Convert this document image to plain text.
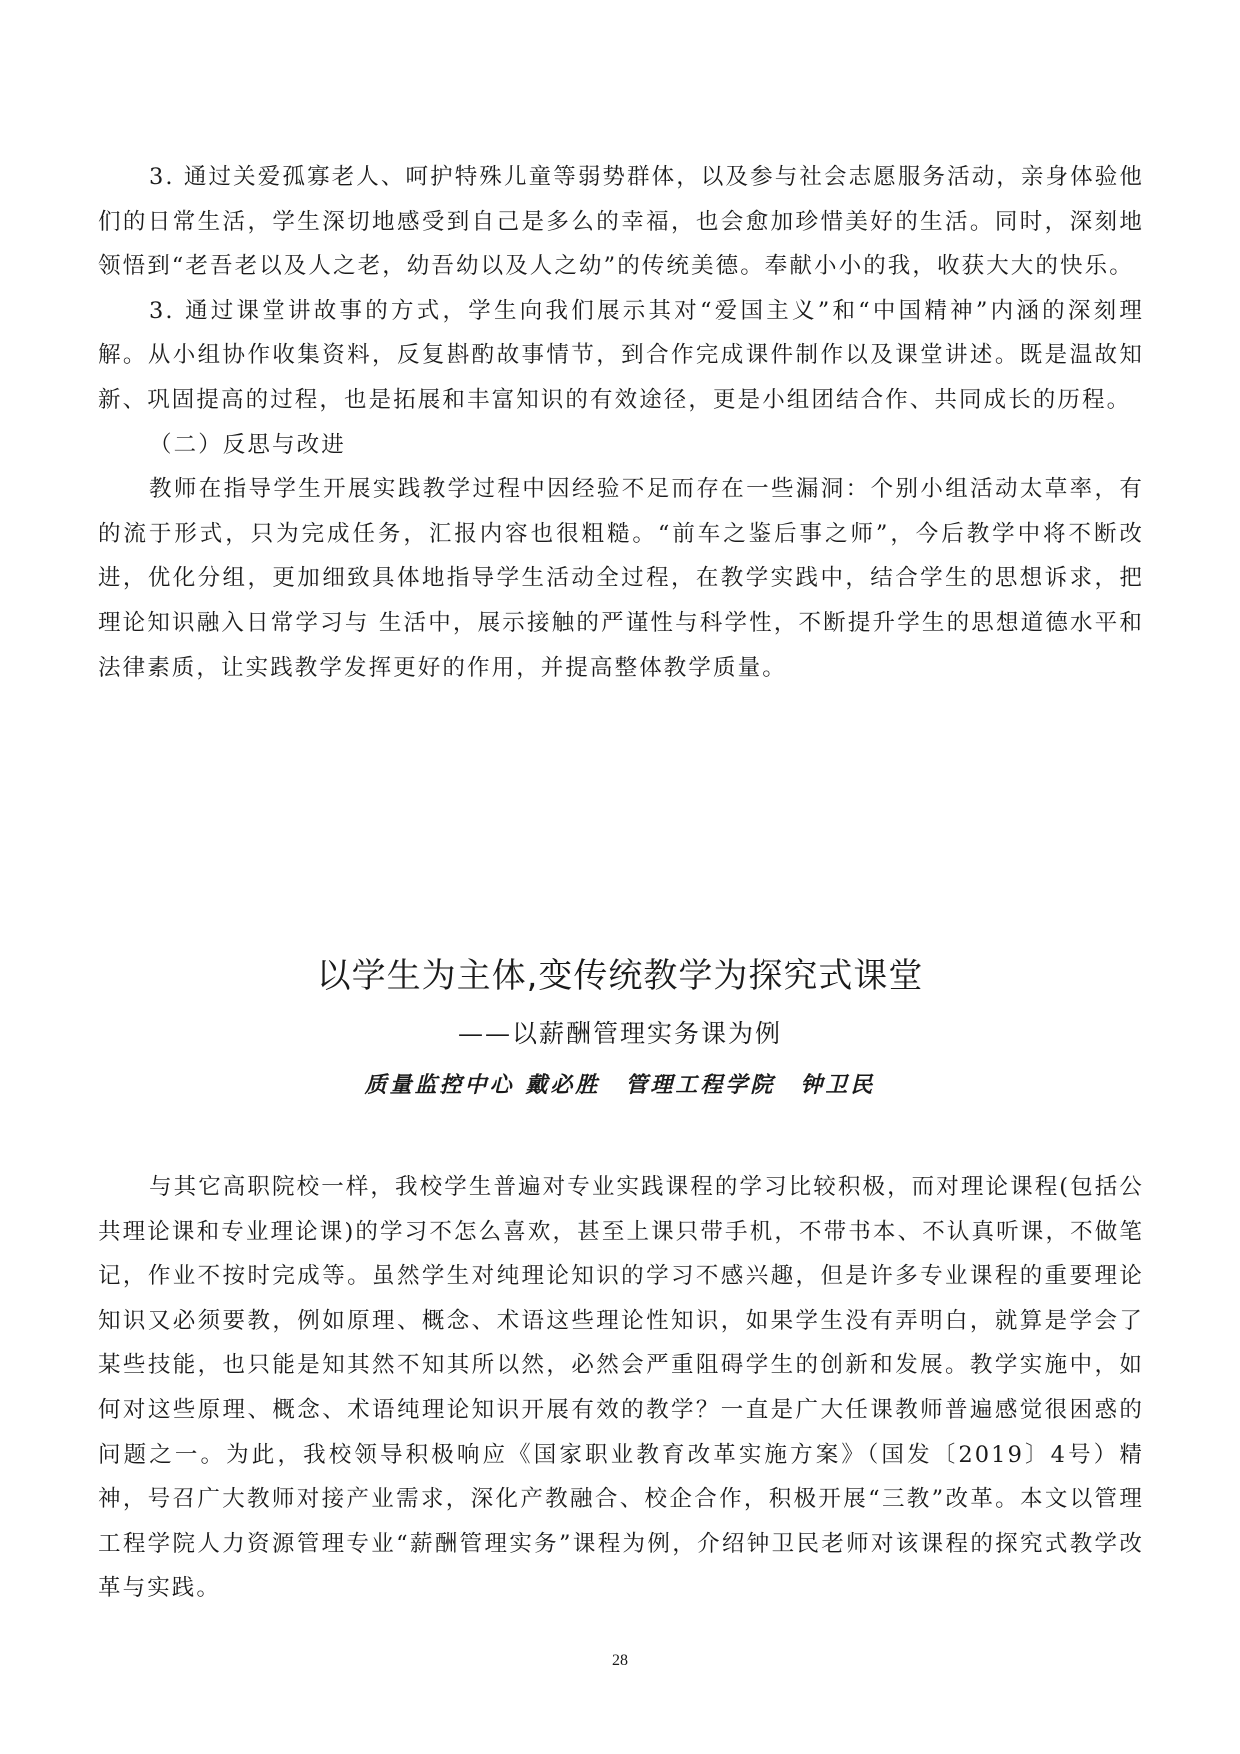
3. 通过关爱孤寡老人、呵护特殊儿童等弱势群体，以及参与社会志愿服务活动，亲身体验他们的日常生活，学生深切地感受到自己是多么的幸福，也会愈加珍惜美好的生活。同时，深刻地领悟到“老吾老以及人之老，幼吾幼以及人之幼”的传统美德。奉献小小的我，收获大大的快乐。

3. 通过课堂讲故事的方式，学生向我们展示其对“爱国主义”和“中国精神”内涵的深刻理解。从小组协作收集资料，反复斟酌故事情节，到合作完成课件制作以及课堂讲述。既是温故知新、巩固提高的过程，也是拓展和丰富知识的有效途径，更是小组团结合作、共同成长的历程。

（二）反思与改进

教师在指导学生开展实践教学过程中因经验不足而存在一些漏洞：个别小组活动太草率，有的流于形式，只为完成任务，汇报内容也很粗糙。“前车之鉴后事之师”，今后教学中将不断改进，优化分组，更加细致具体地指导学生活动全过程，在教学实践中，结合学生的思想诉求，把理论知识融入日常学习与 生活中，展示接触的严谨性与科学性，不断提升学生的思想道德水平和法律素质，让实践教学发挥更好的作用，并提高整体教学质量。

以学生为主体,变传统教学为探究式课堂

——以薪酬管理实务课为例

质量监控中心 戴必胜　管理工程学院　钟卫民

与其它高职院校一样，我校学生普遍对专业实践课程的学习比较积极，而对理论课程(包括公共理论课和专业理论课)的学习不怎么喜欢，甚至上课只带手机，不带书本、不认真听课，不做笔记，作业不按时完成等。虽然学生对纯理论知识的学习不感兴趣，但是许多专业课程的重要理论知识又必须要教，例如原理、概念、术语这些理论性知识，如果学生没有弄明白，就算是学会了某些技能，也只能是知其然不知其所以然，必然会严重阻碍学生的创新和发展。教学实施中，如何对这些原理、概念、术语纯理论知识开展有效的教学？一直是广大任课教师普遍感觉很困惑的问题之一。为此，我校领导积极响应《国家职业教育改革实施方案》（国发〔2019〕4号）精神，号召广大教师对接产业需求，深化产教融合、校企合作，积极开展“三教”改革。本文以管理工程学院人力资源管理专业“薪酬管理实务”课程为例，介绍钟卫民老师对该课程的探究式教学改革与实践。

28
